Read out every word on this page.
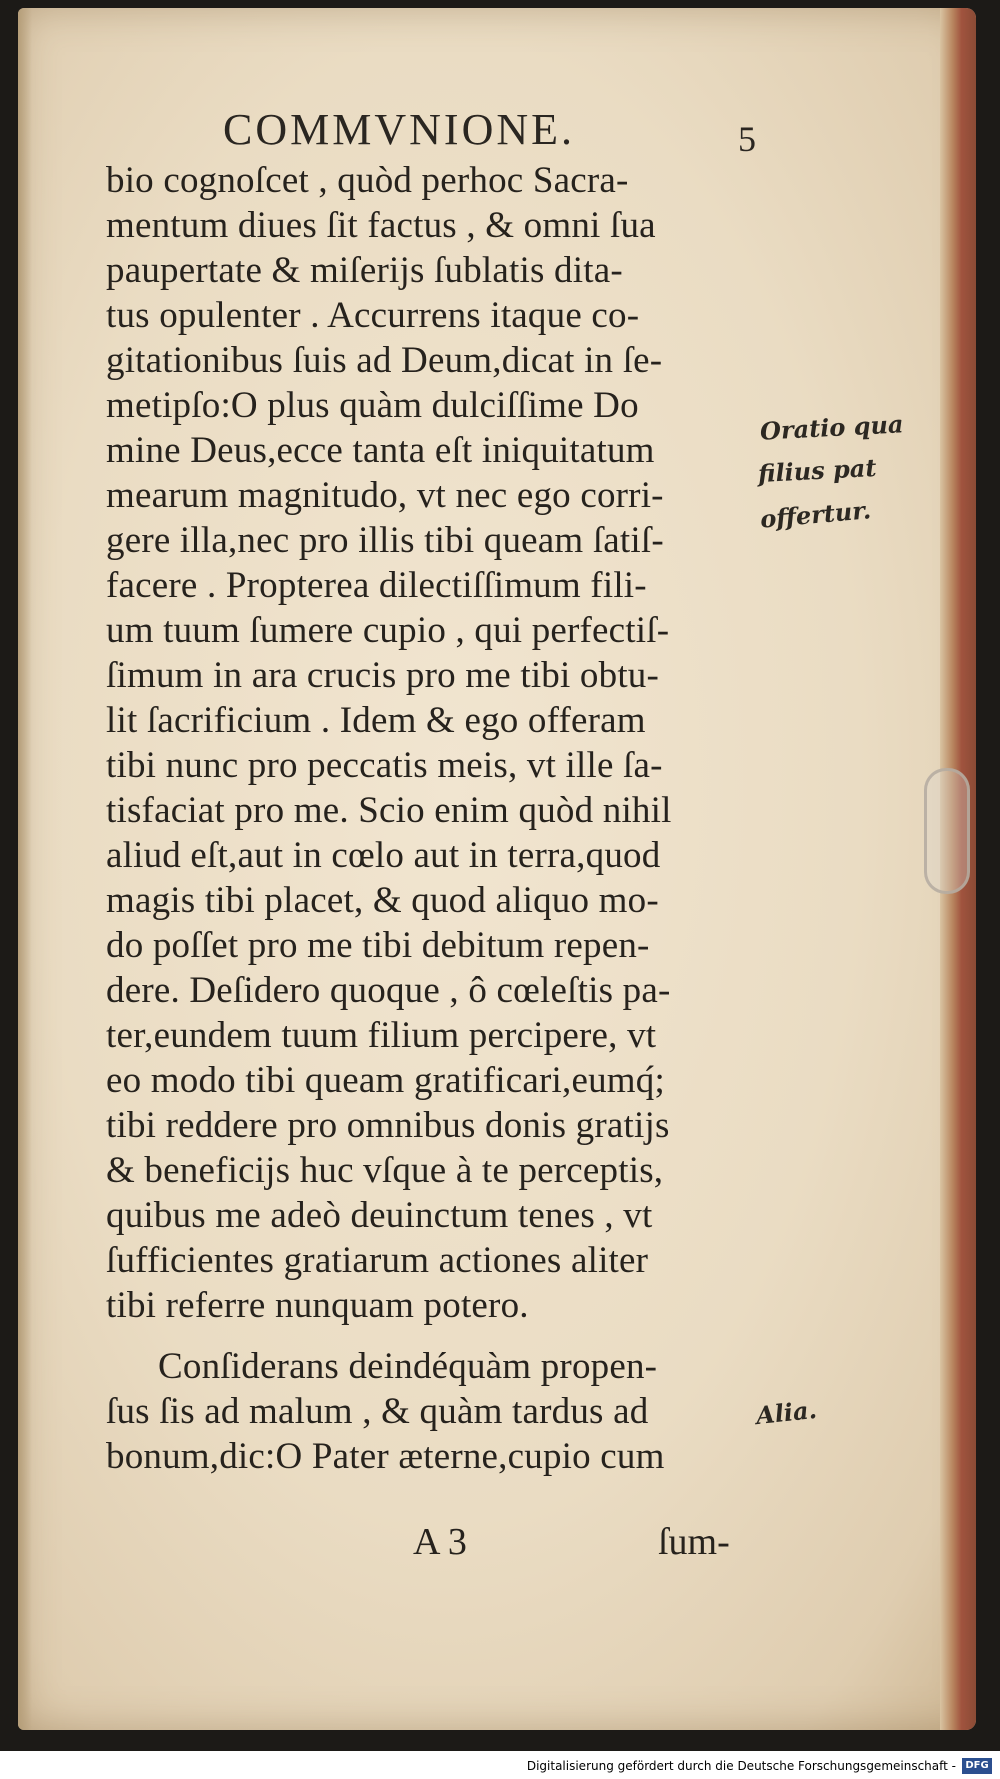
COMMVNIONE.	5
bio cognoſcet , quòd perhoc Sacra-
mentum diues ſit factus , & omni ſua
paupertate & miſerijs ſublatis dita-
tus opulenter . Accurrens itaque co-
gitationibus ſuis ad Deum,dicat in ſe-
metipſo:O plus quàm dulciſſime Do
mine Deus,ecce tanta eſt iniquitatum
mearum magnitudo, vt nec ego corri-
gere illa,nec pro illis tibi queam ſatiſ-
facere . Propterea dilectiſſimum fili-
um tuum ſumere cupio , qui perfectiſ-
ſimum in ara crucis pro me tibi obtu-
lit ſacrificium . Idem & ego offeram
tibi nunc pro peccatis meis, vt ille ſa-
tisfaciat pro me. Scio enim quòd nihil
aliud eſt,aut in cœlo aut in terra,quod
magis tibi placet, & quod aliquo mo-
do poſſet pro me tibi debitum repen-
dere. Deſidero quoque , ô cœleſtis pa-
ter,eundem tuum filium percipere, vt
eo modo tibi queam gratificari,eumq́;
tibi reddere pro omnibus donis gratijs
& beneficijs huc vſque à te perceptis,
quibus me adeò deuinctum tenes , vt
ſufficientes gratiarum actiones aliter
tibi referre nunquam potero.
Conſiderans deindéquàm propen-
ſus ſis ad malum , & quàm tardus ad
bonum,dic:O Pater æterne,cupio cum
A 3	ſum-
Oratio qua
filius pat
offertur.
Alia.
Digitalisierung gefördert durch die Deutsche Forschungsgemeinschaft - DFG
